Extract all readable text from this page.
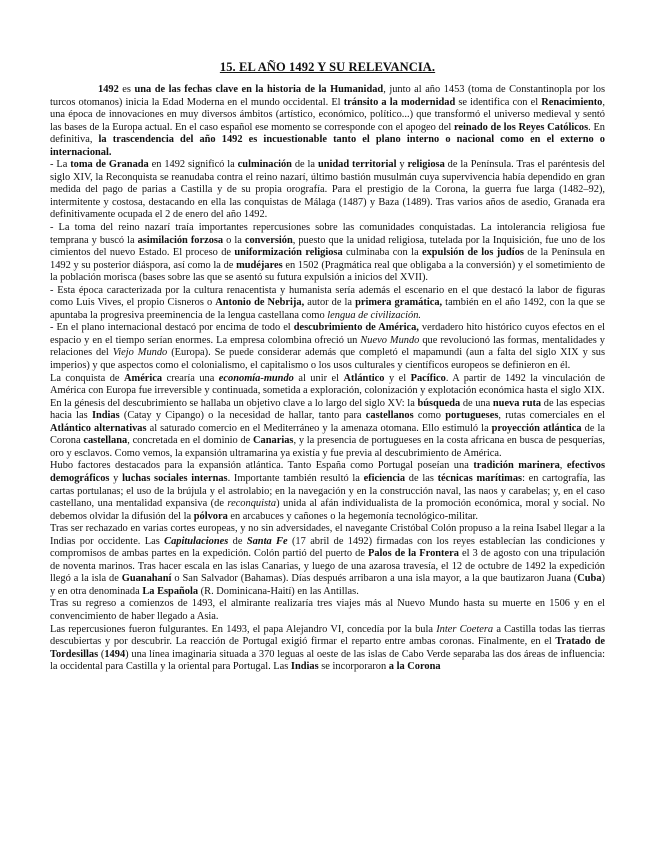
15. EL AÑO 1492 Y SU RELEVANCIA.

1492 es una de las fechas clave en la historia de la Humanidad, junto al año 1453 (toma de Constantinopla por los turcos otomanos) inicia la Edad Moderna en el mundo occidental. El tránsito a la modernidad se identifica con el Renacimiento, una época de innovaciones en muy diversos ámbitos (artístico, económico, político...) que transformó el universo medieval y sentó las bases de la Europa actual. En el caso español ese momento se corresponde con el apogeo del reinado de los Reyes Católicos. En definitiva, la trascendencia del año 1492 es incuestionable tanto el plano interno o nacional como en el externo o internacional.

- La toma de Granada en 1492 significó la culminación de la unidad territorial y religiosa de la Península. Tras el paréntesis del siglo XIV, la Reconquista se reanudaba contra el reino nazarí, último bastión musulmán cuya supervivencia había dependido en gran medida del pago de parias a Castilla y de su propia orografía. Para el prestigio de la Corona, la guerra fue larga (1482–92), intermitente y costosa, destacando en ella las conquistas de Málaga (1487) y Baza (1489). Tras varios años de asedio, Granada era definitivamente ocupada el 2 de enero del año 1492.

- La toma del reino nazarí traía importantes repercusiones sobre las comunidades conquistadas. La intolerancia religiosa fue temprana y buscó la asimilación forzosa o la conversión, puesto que la unidad religiosa, tutelada por la Inquisición, fue uno de los cimientos del nuevo Estado. El proceso de uniformización religiosa culminaba con la expulsión de los judíos de la Península en 1492 y su posterior diáspora, así como la de mudéjares en 1502 (Pragmática real que obligaba a la conversión) y el sometimiento de la población morisca (bases sobre las que se asentó su futura expulsión a inicios del XVII).

- Esta época caracterizada por la cultura renacentista y humanista sería además el escenario en el que destacó la labor de figuras como Luis Vives, el propio Cisneros o Antonio de Nebrija, autor de la primera gramática, también en el año 1492, con la que se apuntaba la progresiva preeminencia de la lengua castellana como lengua de civilización.

- En el plano internacional destacó por encima de todo el descubrimiento de América, verdadero hito histórico cuyos efectos en el espacio y en el tiempo serían enormes. La empresa colombina ofreció un Nuevo Mundo que revolucionó las formas, mentalidades y relaciones del Viejo Mundo (Europa). Se puede considerar además que completó el mapamundi (aun a falta del siglo XIX y sus imperios) y que aspectos como el colonialismo, el capitalismo o los usos culturales y científicos europeos se definieron en él.

La conquista de América crearía una economía-mundo al unir el Atlántico y el Pacífico. A partir de 1492 la vinculación de América con Europa fue irreversible y continuada, sometida a exploración, colonización y explotación económica hasta el siglo XIX.

En la génesis del descubrimiento se hallaba un objetivo clave a lo largo del siglo XV: la búsqueda de una nueva ruta de las especias hacia las Indias (Catay y Cipango) o la necesidad de hallar, tanto para castellanos como portugueses, rutas comerciales en el Atlántico alternativas al saturado comercio en el Mediterráneo y la amenaza otomana. Ello estimuló la proyección atlántica de la Corona castellana, concretada en el dominio de Canarias, y la presencia de portugueses en la costa africana en busca de pesquerías, oro y esclavos. Como vemos, la expansión ultramarina ya existía y fue previa al descubrimiento de América.

Hubo factores destacados para la expansión atlántica. Tanto España como Portugal poseían una tradición marinera, efectivos demográficos y luchas sociales internas. Importante también resultó la eficiencia de las técnicas marítimas: en cartografía, las cartas portulanas; el uso de la brújula y el astrolabio; en la navegación y en la construcción naval, las naos y carabelas; y, en el caso castellano, una mentalidad expansiva (de reconquista) unida al afán individualista de la promoción económica, moral y social. No debemos olvidar la difusión del la pólvora en arcabuces y cañones o la hegemonía tecnológico-militar.

Tras ser rechazado en varias cortes europeas, y no sin adversidades, el navegante Cristóbal Colón propuso a la reina Isabel llegar a la Indias por occidente. Las Capitulaciones de Santa Fe (17 abril de 1492) firmadas con los reyes establecían las condiciones y compromisos de ambas partes en la expedición. Colón partió del puerto de Palos de la Frontera el 3 de agosto con una tripulación de noventa marinos. Tras hacer escala en las islas Canarias, y luego de una azarosa travesía, el 12 de octubre de 1492 la expedición llegó a la isla de Guanahaní o San Salvador (Bahamas). Días después arribaron a una isla mayor, a la que bautizaron Juana (Cuba) y en otra denominada La Española (R. Dominicana-Haití) en las Antillas.

Tras su regreso a comienzos de 1493, el almirante realizaría tres viajes más al Nuevo Mundo hasta su muerte en 1506 y en el convencimiento de haber llegado a Asia.

Las repercusiones fueron fulgurantes. En 1493, el papa Alejandro VI, concedía por la bula Inter Coetera a Castilla todas las tierras descubiertas y por descubrir. La reacción de Portugal exigió firmar el reparto entre ambas coronas. Finalmente, en el Tratado de Tordesillas (1494) una línea imaginaria situada a 370 leguas al oeste de las islas de Cabo Verde separaba las dos áreas de influencia: la occidental para Castilla y la oriental para Portugal. Las Indias se incorporaron a la Corona
